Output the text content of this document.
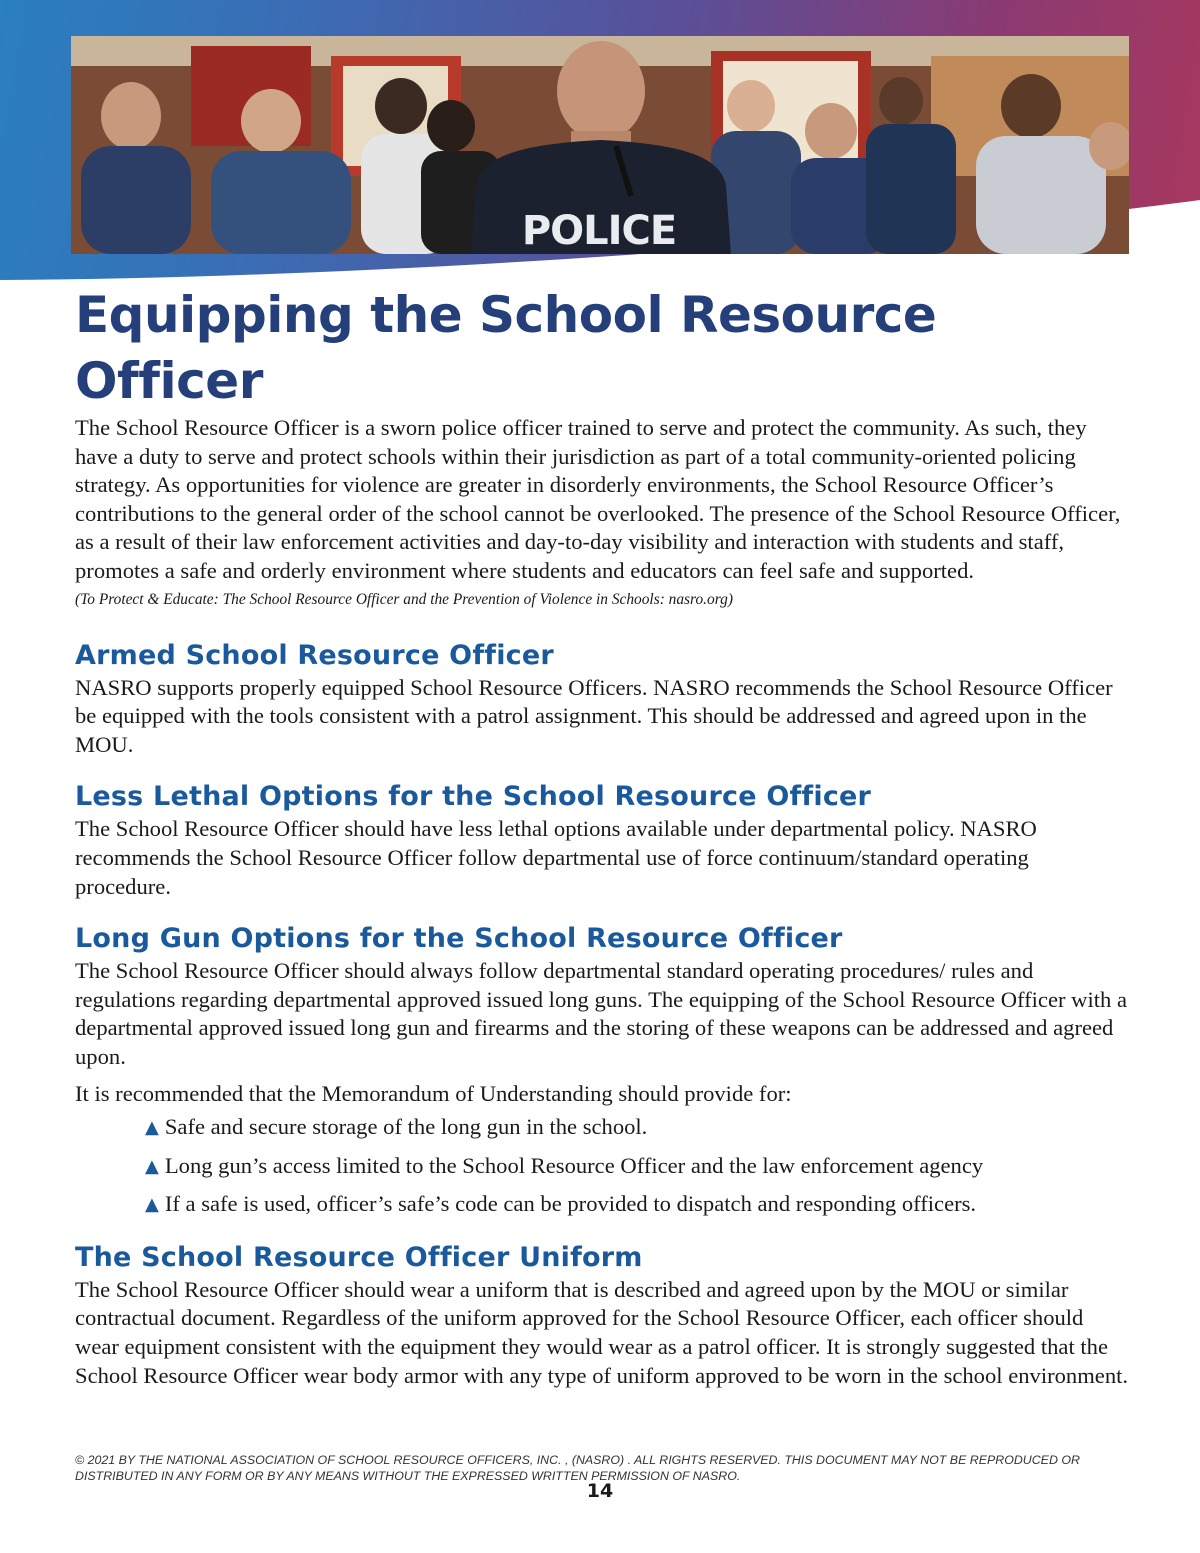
POLICE
Equipping the School Resource Officer

The School Resource Officer is a sworn police officer trained to serve and protect the community. As such, they have a duty to serve and protect schools within their jurisdiction as part of a total community-oriented policing strategy. As opportunities for violence are greater in disorderly environments, the School Resource Officer’s contributions to the general order of the school cannot be overlooked. The presence of the School Resource Officer, as a result of their law enforcement activities and day-to-day visibility and interaction with students and staff, promotes a safe and orderly environment where students and educators can feel safe and supported.

(To Protect & Educate: The School Resource Officer and the Prevention of Violence in Schools: nasro.org)
Armed School Resource Officer

NASRO supports properly equipped School Resource Officers. NASRO recommends the School Resource Officer be equipped with the tools consistent with a patrol assignment. This should be addressed and agreed upon in the MOU.

Less Lethal Options for the School Resource Officer

The School Resource Officer should have less lethal options available under departmental policy. NASRO recommends the School Resource Officer follow departmental use of force continuum/standard operating procedure.

Long Gun Options for the School Resource Officer

The School Resource Officer should always follow departmental standard operating procedures/ rules and regulations regarding departmental approved issued long guns. The equipping of the School Resource Officer with a departmental approved issued long gun and firearms and the storing of these weapons can be addressed and agreed upon.

It is recommended that the Memorandum of Understanding should provide for:

▲ Safe and secure storage of the long gun in the school.
▲ Long gun’s access limited to the School Resource Officer and the law enforcement agency
▲ If a safe is used, officer’s safe’s code can be provided to dispatch and responding officers.
The School Resource Officer Uniform

The School Resource Officer should wear a uniform that is described and agreed upon by the MOU or similar contractual document. Regardless of the uniform approved for the School Resource Officer, each officer should wear equipment consistent with the equipment they would wear as a patrol officer. It is strongly suggested that the School Resource Officer wear body armor with any type of uniform approved to be worn in the school environment.

© 2021 BY THE NATIONAL ASSOCIATION OF SCHOOL RESOURCE OFFICERS, INC. , (NASRO) . ALL RIGHTS RESERVED. THIS DOCUMENT MAY NOT BE REPRODUCED OR DISTRIBUTED IN ANY FORM OR BY ANY MEANS WITHOUT THE EXPRESSED WRITTEN PERMISSION OF NASRO.
14
